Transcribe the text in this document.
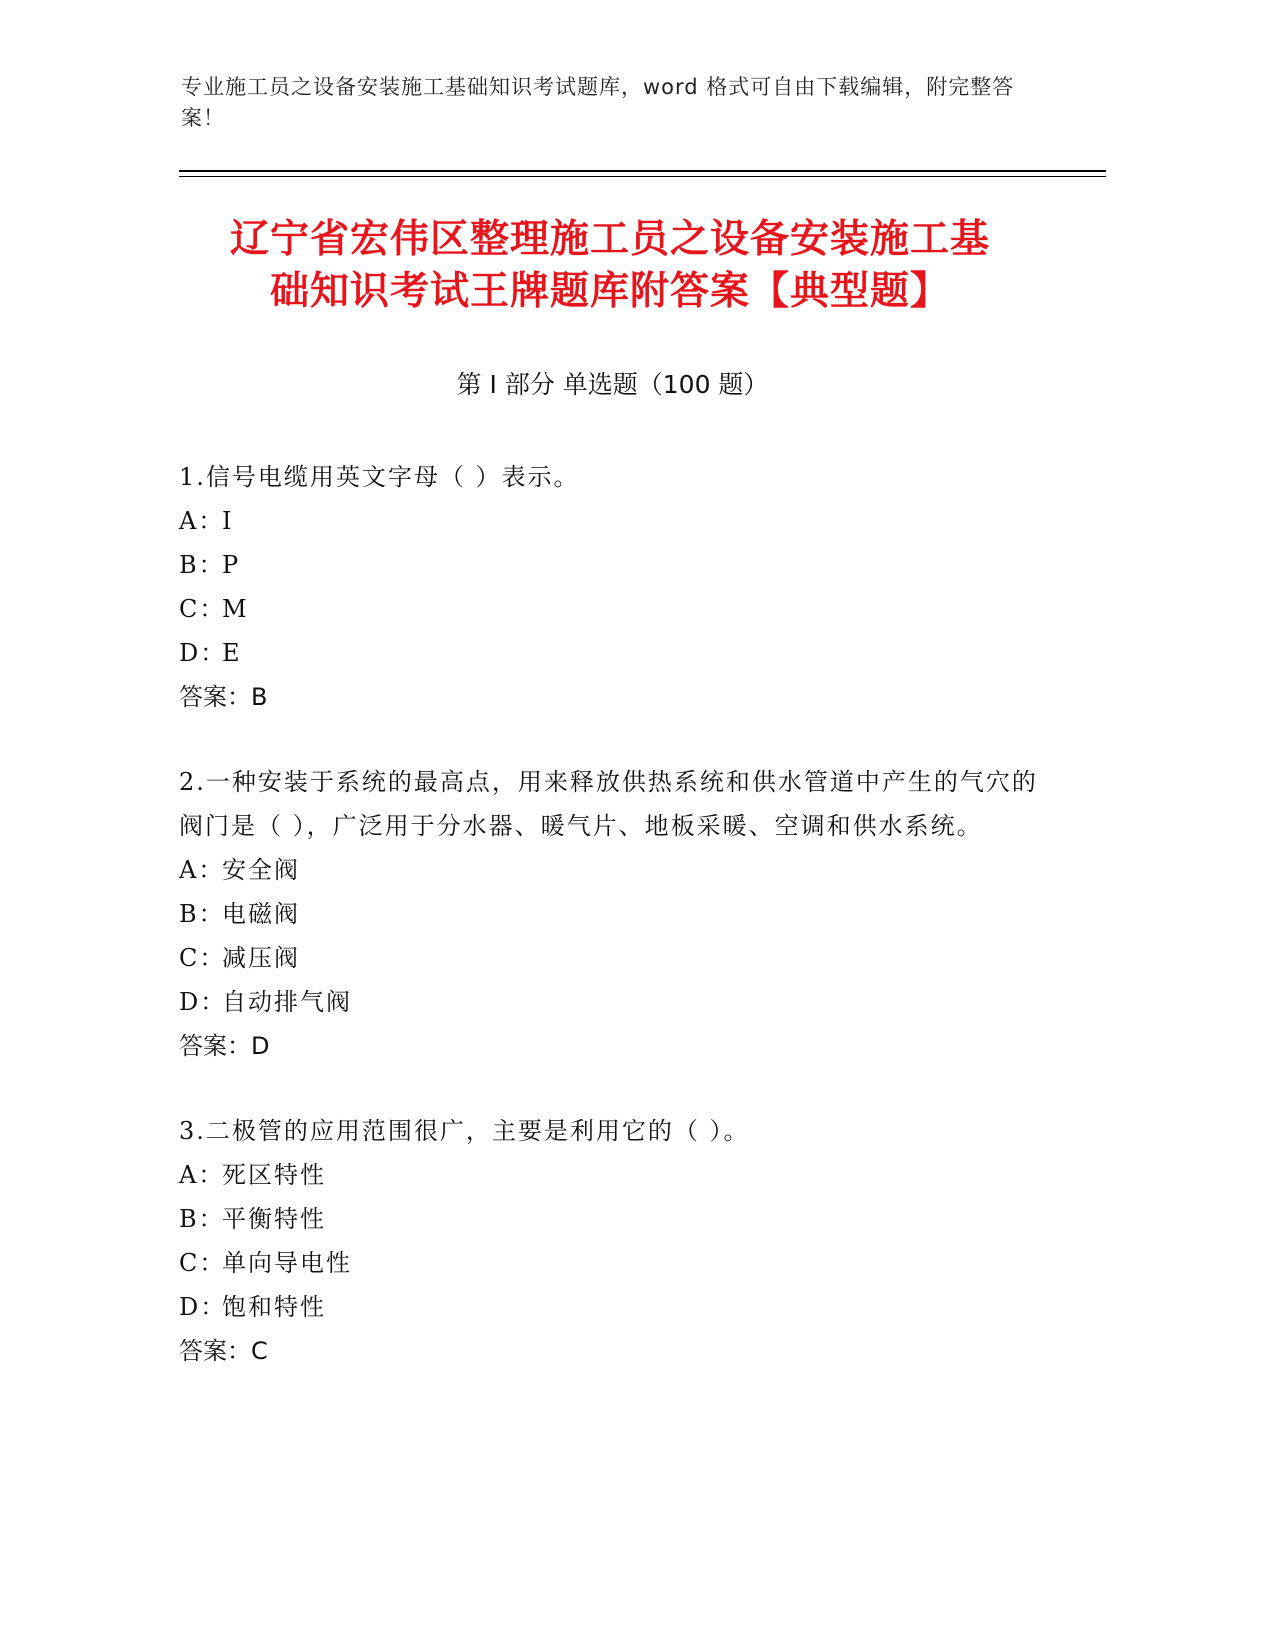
专业施工员之设备安装施工基础知识考试题库，word 格式可自由下载编辑，附完整答案！
辽宁省宏伟区整理施工员之设备安装施工基
础知识考试王牌题库附答案【典型题】
第 I 部分 单选题（100 题）
1.信号电缆用英文字母（ ）表示。
A：
I
B：
P
C：
M
D：
E
答案：B
2.一种安装于系统的最高点，用来释放供热系统和供水管道中产生的气穴的阀门是（ ），广泛用于分水器、暖气片、地板采暖、空调和供水系统。
A：
安全阀
B：
电磁阀
C：
减压阀
D：
自动排气阀
答案：D
3.二极管的应用范围很广，主要是利用它的（ ）。
A：
死区特性
B：
平衡特性
C：
单向导电性
D：
饱和特性
答案：C
